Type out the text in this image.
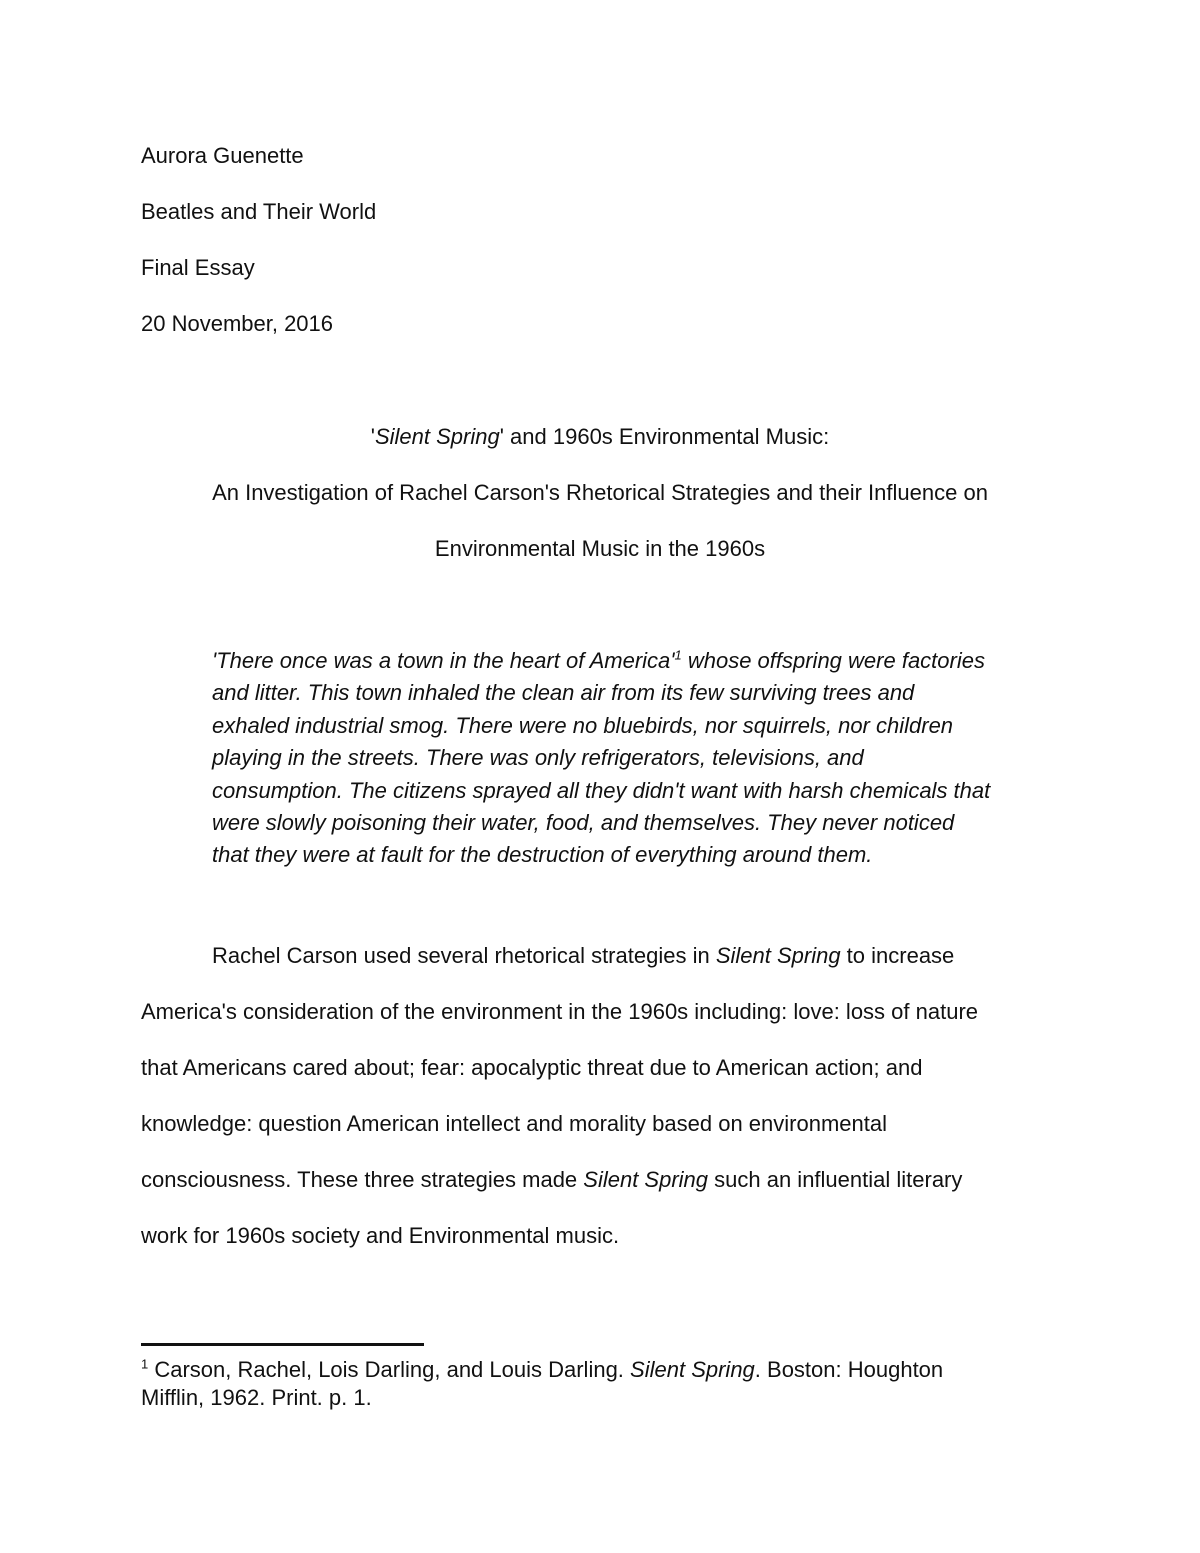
Aurora Guenette
Beatles and Their World
Final Essay
20 November, 2016
'Silent Spring' and 1960s Environmental Music:
An Investigation of Rachel Carson's Rhetorical Strategies and their Influence on
Environmental Music in the 1960s
'There once was a town in the heart of $America'^1$ whose offspring were factories
and litter. This town inhaled the clean air from its few surviving trees and
exhaled industrial smog. There were no bluebirds, nor squirrels, nor children
playing in the streets. There was only refrigerators, televisions, and
consumption. The citizens sprayed all they didn't want with harsh chemicals that
were slowly poisoning their water, food, and themselves. They never noticed
that they were at fault for the destruction of everything around them.
Rachel Carson used several rhetorical strategies in Silent Spring to increase
America's consideration of the environment in the 1960s including: love: loss of nature
that Americans cared about; fear: apocalyptic threat due to American action; and
knowledge: question American intellect and morality based on environmental
consciousness. These three strategies made Silent Spring such an influential literary
work for 1960s society and Environmental music.
$^1$ Carson, Rachel, Lois Darling, and Louis Darling. Silent Spring. Boston: Houghton
Mifflin, 1962. Print. p. 1.
